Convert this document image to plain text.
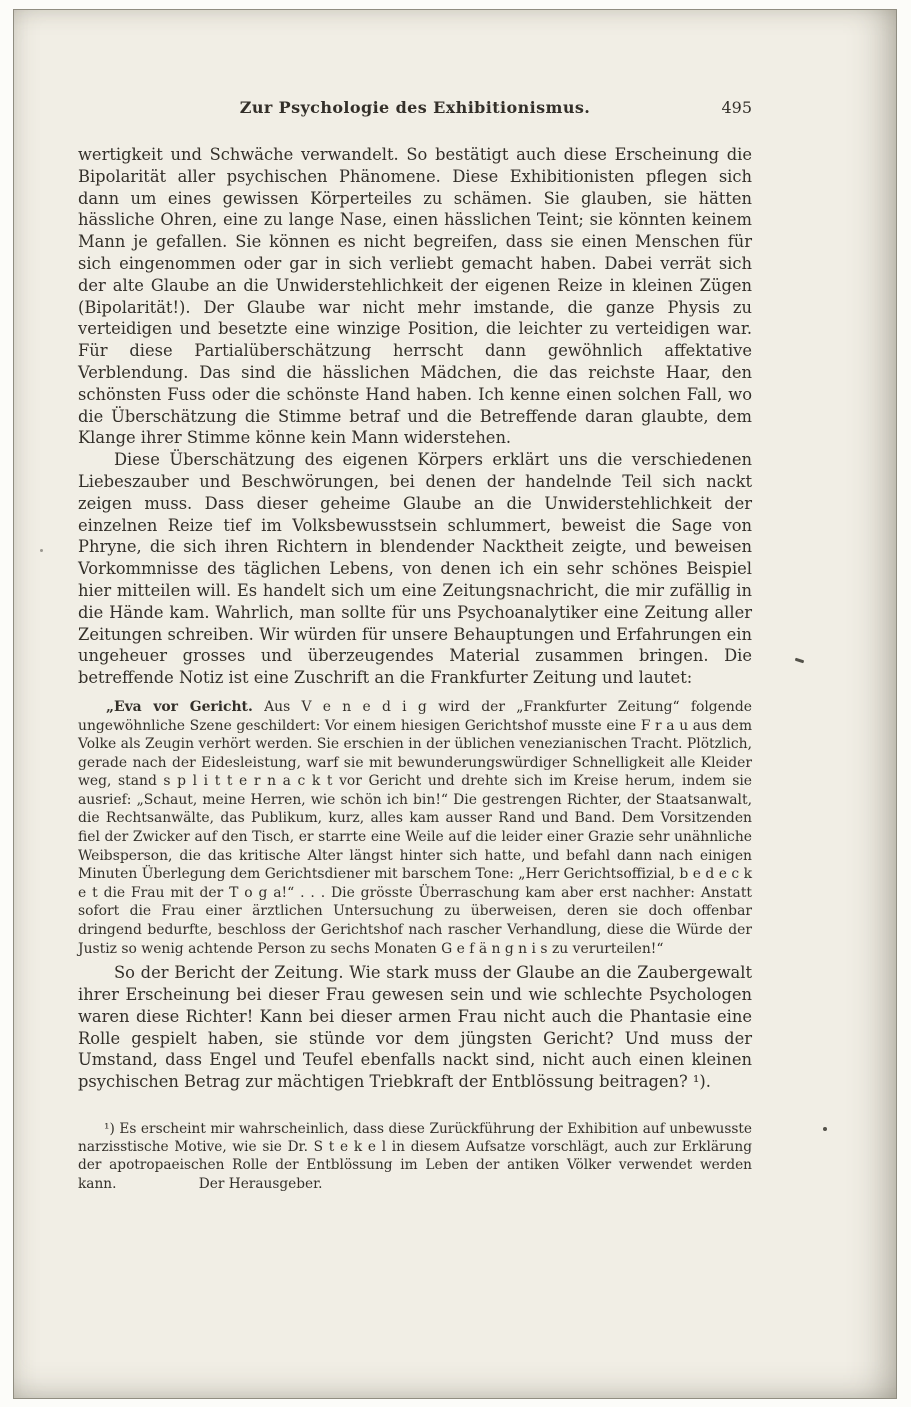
Zur Psychologie des Exhibitionismus.	495

wertigkeit und Schwäche verwandelt. So bestätigt auch diese Erscheinung die Bipolarität aller psychischen Phänomene. Diese Exhibitionisten pflegen sich dann um eines gewissen Körperteiles zu schämen. Sie glauben, sie hätten hässliche Ohren, eine zu lange Nase, einen hässlichen Teint; sie könnten keinem Mann je gefallen. Sie können es nicht begreifen, dass sie einen Menschen für sich eingenommen oder gar in sich verliebt gemacht haben. Dabei verrät sich der alte Glaube an die Unwiderstehlichkeit der eigenen Reize in kleinen Zügen (Bipolarität!). Der Glaube war nicht mehr imstande, die ganze Physis zu verteidigen und besetzte eine winzige Position, die leichter zu verteidigen war. Für diese Partialüberschätzung herrscht dann gewöhnlich affektative Verblendung. Das sind die hässlichen Mädchen, die das reichste Haar, den schönsten Fuss oder die schönste Hand haben. Ich kenne einen solchen Fall, wo die Überschätzung die Stimme betraf und die Betreffende daran glaubte, dem Klange ihrer Stimme könne kein Mann widerstehen.

Diese Überschätzung des eigenen Körpers erklärt uns die verschiedenen Liebeszauber und Beschwörungen, bei denen der handelnde Teil sich nackt zeigen muss. Dass dieser geheime Glaube an die Unwiderstehlichkeit der einzelnen Reize tief im Volksbewusstsein schlummert, beweist die Sage von Phryne, die sich ihren Richtern in blendender Nacktheit zeigte, und beweisen Vorkommnisse des täglichen Lebens, von denen ich ein sehr schönes Beispiel hier mitteilen will. Es handelt sich um eine Zeitungsnachricht, die mir zufällig in die Hände kam. Wahrlich, man sollte für uns Psychoanalytiker eine Zeitung aller Zeitungen schreiben. Wir würden für unsere Behauptungen und Erfahrungen ein ungeheuer grosses und überzeugendes Material zusammen bringen. Die betreffende Notiz ist eine Zuschrift an die Frankfurter Zeitung und lautet:

„Eva vor Gericht. Aus V e n e d i g wird der „Frankfurter Zeitung“ folgende ungewöhnliche Szene geschildert: Vor einem hiesigen Gerichtshof musste eine F r a u aus dem Volke als Zeugin verhört werden. Sie erschien in der üblichen venezianischen Tracht. Plötzlich, gerade nach der Eidesleistung, warf sie mit bewunderungswürdiger Schnelligkeit alle Kleider weg, stand s p l i t t e r n a c k t vor Gericht und drehte sich im Kreise herum, indem sie ausrief: „Schaut, meine Herren, wie schön ich bin!“ Die gestrengen Richter, der Staatsanwalt, die Rechtsanwälte, das Publikum, kurz, alles kam ausser Rand und Band. Dem Vorsitzenden fiel der Zwicker auf den Tisch, er starrte eine Weile auf die leider einer Grazie sehr unähnliche Weibsperson, die das kritische Alter längst hinter sich hatte, und befahl dann nach einigen Minuten Überlegung dem Gerichtsdiener mit barschem Tone: „Herr Gerichtsoffizial, b e d e c k e t die Frau mit der T o g a!“ . . . Die grösste Überraschung kam aber erst nachher: Anstatt sofort die Frau einer ärztlichen Untersuchung zu überweisen, deren sie doch offenbar dringend bedurfte, beschloss der Gerichtshof nach rascher Verhandlung, diese die Würde der Justiz so wenig achtende Person zu sechs Monaten G e f ä n g n i s zu verurteilen!“

So der Bericht der Zeitung. Wie stark muss der Glaube an die Zaubergewalt ihrer Erscheinung bei dieser Frau gewesen sein und wie schlechte Psychologen waren diese Richter! Kann bei dieser armen Frau nicht auch die Phantasie eine Rolle gespielt haben, sie stünde vor dem jüngsten Gericht? Und muss der Umstand, dass Engel und Teufel ebenfalls nackt sind, nicht auch einen kleinen psychischen Betrag zur mächtigen Triebkraft der Entblössung beitragen? ¹).

¹) Es erscheint mir wahrscheinlich, dass diese Zurückführung der Exhibition auf unbewusste narzisstische Motive, wie sie Dr. S t e k e l in diesem Aufsatze vorschlägt, auch zur Erklärung der apotropaeischen Rolle der Entblössung im Leben der antiken Völker verwendet werden kann.	Der Herausgeber.
